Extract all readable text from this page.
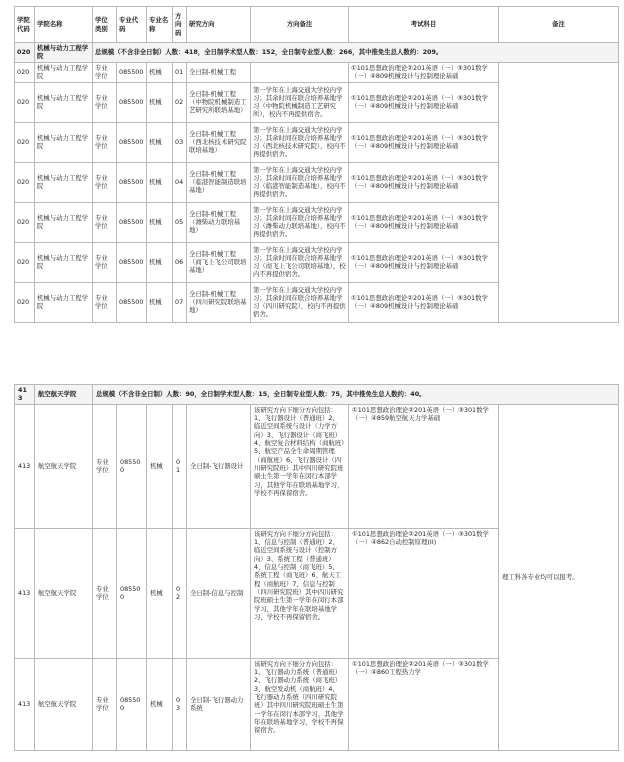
学院代码	学院名称	学位类别	专业代码	专业名称	方向码	研究方向	方向备注	考试科目	备注
020	机械与动力工程学院	总规模（不含非全日制）人数：418，全日制学术型人数：152，全日制专业型人数：266，其中推免生总人数约：209。							
020	机械与动力工程学院	专业学位	085500	机械	01	全日制-机械工程		①101思想政治理论②201英语（一）③301数学（一）④809机械设计与控制理论基础	
020	机械与动力工程学院	专业学位	085500	机械	02	全日制-机械工程（中物院机械制造工艺研究所联培基地）	第一学年在上海交通大学校内学习；其余时间在联合培养基地学习（中物院机械制造工艺研究所），校内不再提供宿舍。	①101思想政治理论②201英语（一）③301数学（一）④809机械设计与控制理论基础	
020	机械与动力工程学院	专业学位	085500	机械	03	全日制-机械工程（西北核技术研究院联培基地）	第一学年在上海交通大学校内学习；其余时间在联合培养基地学习（西北核技术研究院），校内不再提供宿舍。	①101思想政治理论②201英语（一）③301数学（一）④809机械设计与控制理论基础	
020	机械与动力工程学院	专业学位	085500	机械	04	全日制-机械工程（临港智能制造联培基地）	第一学年在上海交通大学校内学习；其余时间在联合培养基地学习（临港智能制造基地），校内不再提供宿舍。	①101思想政治理论②201英语（一）③301数学（一）④809机械设计与控制理论基础	
020	机械与动力工程学院	专业学位	085500	机械	05	全日制-机械工程（潍柴动力联培基地）	第一学年在上海交通大学校内学习；其余时间在联合培养基地学习（潍柴动力联培基地），校内不再提供宿舍。	①101思想政治理论②201英语（一）③301数学（一）④809机械设计与控制理论基础	
020	机械与动力工程学院	专业学位	085500	机械	06	全日制-机械工程（商飞上飞公司联培基地）	第一学年在上海交通大学校内学习；其余时间在联合培养基地学习（商飞上飞公司联培基地），校内不再提供宿舍。	①101思想政治理论②201英语（一）③301数学（一）④809机械设计与控制理论基础	
020	机械与动力工程学院	专业学位	085500	机械	07	全日制-机械工程（四川研究院联培基地）	第一学年在上海交通大学校内学习；其余时间在联合培养基地学习（四川研究院），校内不再提供宿舍。	①101思想政治理论②201英语（一）③301数学（一）④809机械设计与控制理论基础	
413	航空航天学院	总规模（不含非全日制）人数：90，全日制学术型人数：15，全日制专业型人数：75，其中推免生总人数约：40。							
413	航空航天学院	专业学位	085500	机械	01	全日制-飞行器设计	该研究方向下细分方向包括：1、飞行器设计（普通班）2、临近空间系统与设计（力学方向）3、飞行器设计（商飞班）4、航空复合材料结构（商航班）5、航空产品全生命周期管理（商航班）6、飞行器设计（四川研究院班）其中四川研究院班硕士生第一学年在闵行本部学习，其他学年在联培基地学习，学校不再保留宿舍。	①101思想政治理论②201英语（一）③301数学（一）④859航空航天力学基础	理工科各专业均可以报考。
413	航空航天学院	专业学位	085500	机械	02	全日制-信息与控制	该研究方向下细分方向包括：1、信息与控制（普通班）2、临近空间系统与设计（控制方向）3、系统工程（普通班）4、信息与控制（商飞班）5、系统工程（商飞班）6、航天工程（商航班）7、信息与控制（四川研究院班）其中四川研究院班硕士生第一学年在闵行本部学习，其他学年在联培基地学习，学校不再保留宿舍。	①101思想政治理论②201英语（一）③301数学（一）④862自动控制原理(II)	
413	航空航天学院	专业学位	085500	机械	03	全日制-飞行器动力系统	该研究方向下细分方向包括：1、飞行器动力系统（普通班）2、飞行器动力系统（商飞班）3、航空发动机（商航班）4、飞行器动力系统（四川研究院班）其中四川研究院班硕士生第一学年在闵行本部学习，其他学年在联培基地学习，学校不再保留宿舍。	①101思想政治理论②201英语（一）③301数学（一）④860工程热力学	
